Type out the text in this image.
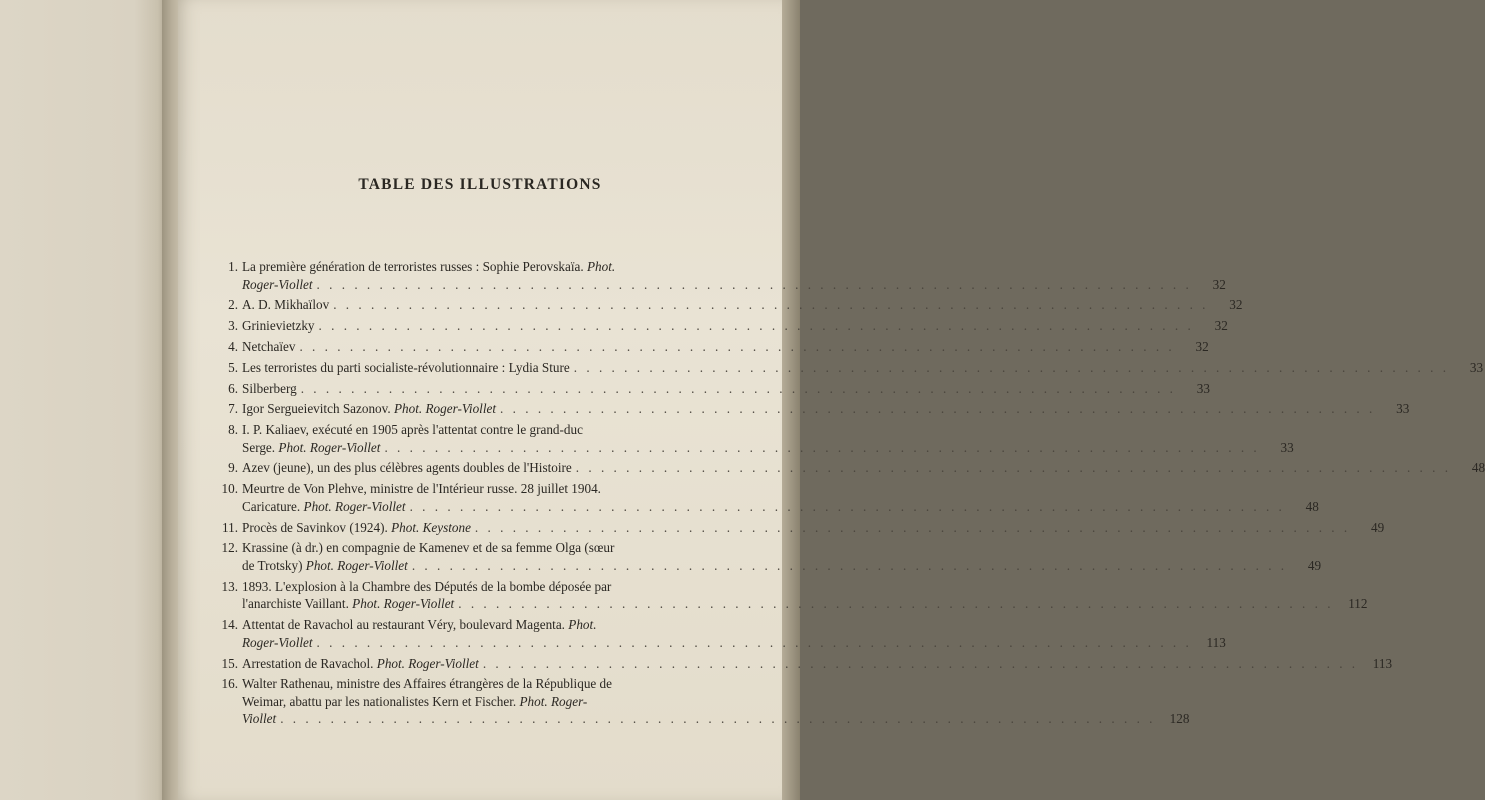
TABLE DES ILLUSTRATIONS
1. La première génération de terroristes russes : Sophie Perovskaïa. Phot.

Roger-Viollet . . .	32
2. A. D. Mikhaïlov . . .	32
3. Grinievietzky . . .	32
4. Netchaïev . . .	32
5. Les terroristes du parti socialiste-révolutionnaire : Lydia Sture . . .	33
6. Silberberg . . .	33
7. Igor Sergueievitch Sazonov. Phot. Roger-Viollet . . .	33
8. I. P. Kaliaev, exécuté en 1905 après l'attentat contre le grand-duc

Serge. Phot. Roger-Viollet . . .	33
9. Azev (jeune), un des plus célèbres agents doubles de l'Histoire . . .	48
10. Meurtre de Von Plehve, ministre de l'Intérieur russe. 28 juillet 1904.

Caricature. Phot. Roger-Viollet . . .	48
11. Procès de Savinkov (1924). Phot. Keystone . . .	49
12. Krassine (à dr.) en compagnie de Kamenev et de sa femme Olga (sœur

de Trotsky) Phot. Roger-Viollet . . .	49
13. 1893. L'explosion à la Chambre des Députés de la bombe déposée par

l'anarchiste Vaillant. Phot. Roger-Viollet . . .	112
14. Attentat de Ravachol au restaurant Véry, boulevard Magenta. Phot.

Roger-Viollet . . .	113
15. Arrestation de Ravachol. Phot. Roger-Viollet . . .	113
16. Walter Rathenau, ministre des Affaires étrangères de la République de

Weimar, abattu par les nationalistes Kern et Fischer. Phot. Roger-

Viollet . . .	128
